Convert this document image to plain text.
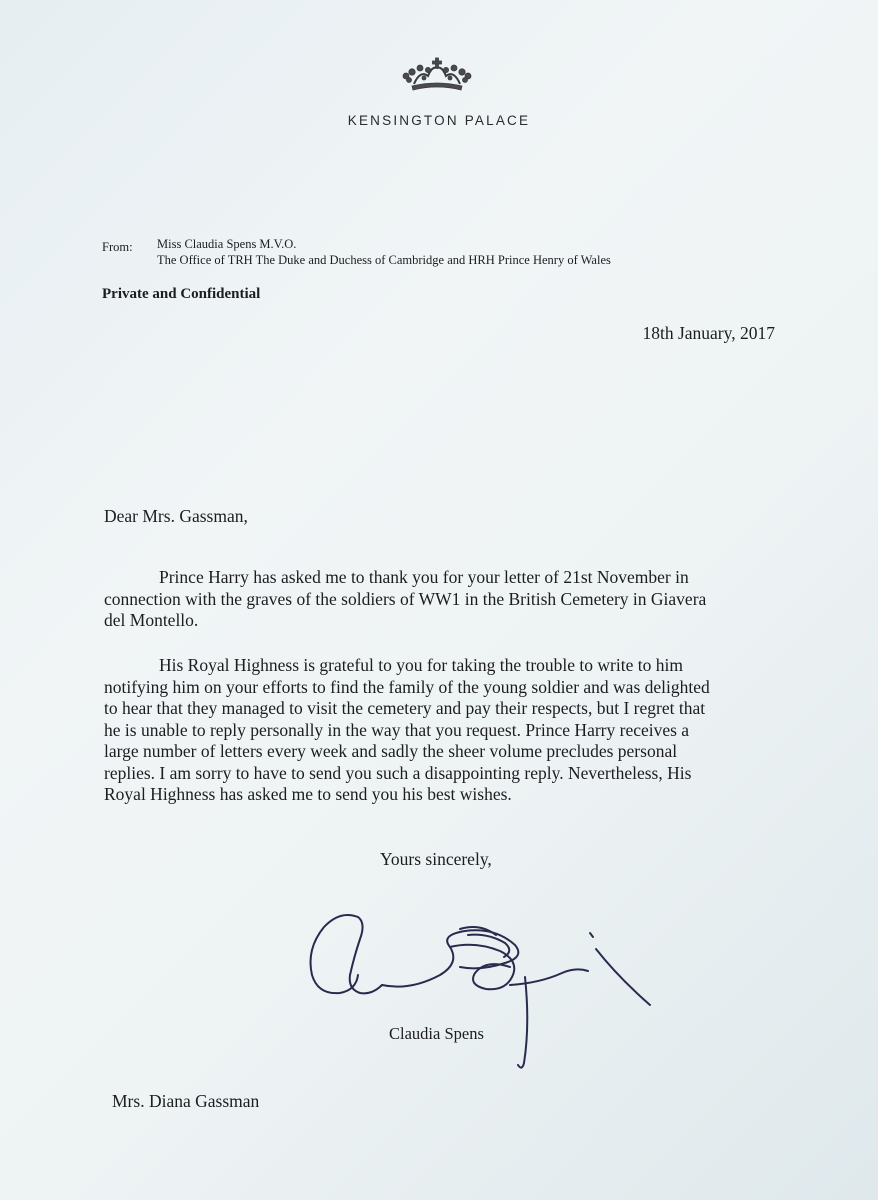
KENSINGTON PALACE
From: Miss Claudia Spens M.V.O.
The Office of TRH The Duke and Duchess of Cambridge and HRH Prince Henry of Wales
Private and Confidential
18th January, 2017
Dear Mrs. Gassman,

Prince Harry has asked me to thank you for your letter of 21st November in
connection with the graves of the soldiers of WW1 in the British Cemetery in Giavera
del Montello.

His Royal Highness is grateful to you for taking the trouble to write to him
notifying him on your efforts to find the family of the young soldier and was delighted
to hear that they managed to visit the cemetery and pay their respects, but I regret that
he is unable to reply personally in the way that you request. Prince Harry receives a
large number of letters every week and sadly the sheer volume precludes personal
replies. I am sorry to have to send you such a disappointing reply. Nevertheless, His
Royal Highness has asked me to send you his best wishes.

Yours sincerely,
Claudia Spens
Mrs. Diana Gassman
